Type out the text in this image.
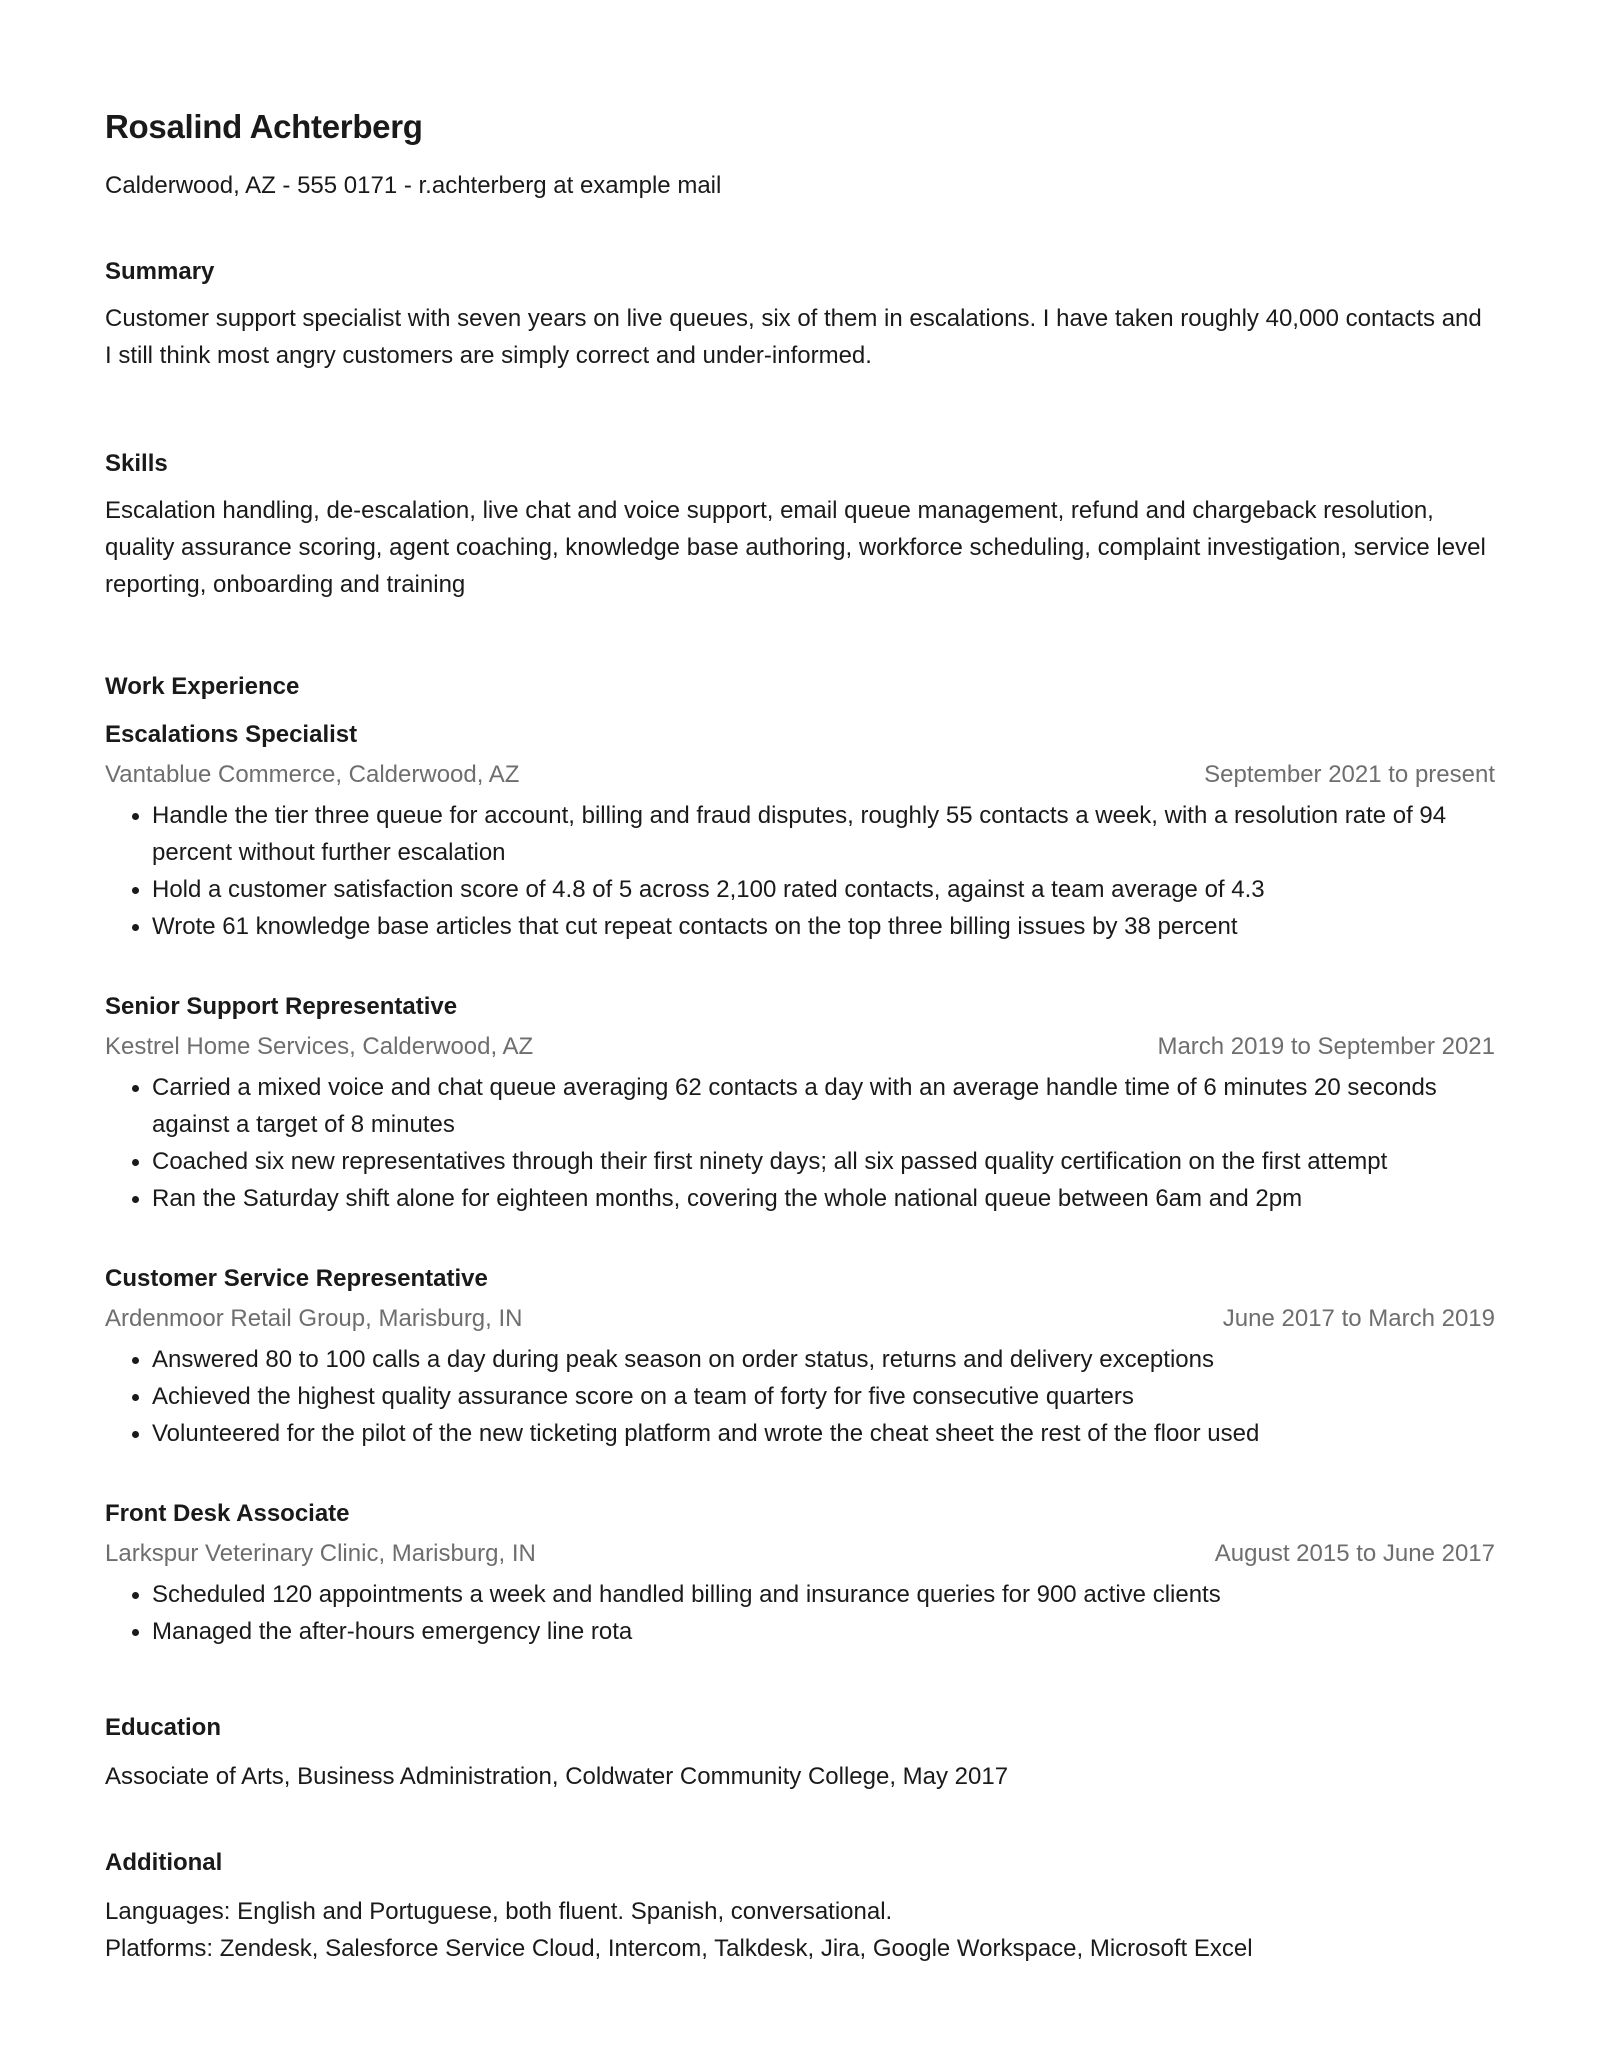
Rosalind Achterberg
Calderwood, AZ - 555 0171 - r.achterberg at example mail
Summary

Customer support specialist with seven years on live queues, six of them in escalations. I have taken roughly 40,000 contacts and I still think most angry customers are simply correct and under-informed.

Skills

Escalation handling, de-escalation, live chat and voice support, email queue management, refund and chargeback resolution, quality assurance scoring, agent coaching, knowledge base authoring, workforce scheduling, complaint investigation, service level reporting, onboarding and training

Work Experience
Escalations Specialist
Vantablue Commerce, Calderwood, AZ	September 2021 to present
Handle the tier three queue for account, billing and fraud disputes, roughly 55 contacts a week, with a resolution rate of 94 percent without further escalation
Hold a customer satisfaction score of 4.8 of 5 across 2,100 rated contacts, against a team average of 4.3
Wrote 61 knowledge base articles that cut repeat contacts on the top three billing issues by 38 percent
Senior Support Representative
Kestrel Home Services, Calderwood, AZ	March 2019 to September 2021
Carried a mixed voice and chat queue averaging 62 contacts a day with an average handle time of 6 minutes 20 seconds against a target of 8 minutes
Coached six new representatives through their first ninety days; all six passed quality certification on the first attempt
Ran the Saturday shift alone for eighteen months, covering the whole national queue between 6am and 2pm
Customer Service Representative
Ardenmoor Retail Group, Marisburg, IN	June 2017 to March 2019
Answered 80 to 100 calls a day during peak season on order status, returns and delivery exceptions
Achieved the highest quality assurance score on a team of forty for five consecutive quarters
Volunteered for the pilot of the new ticketing platform and wrote the cheat sheet the rest of the floor used
Front Desk Associate
Larkspur Veterinary Clinic, Marisburg, IN	August 2015 to June 2017
Scheduled 120 appointments a week and handled billing and insurance queries for 900 active clients
Managed the after-hours emergency line rota
Education

Associate of Arts, Business Administration, Coldwater Community College, May 2017

Additional
Languages: English and Portuguese, both fluent. Spanish, conversational.
Platforms: Zendesk, Salesforce Service Cloud, Intercom, Talkdesk, Jira, Google Workspace, Microsoft Excel
